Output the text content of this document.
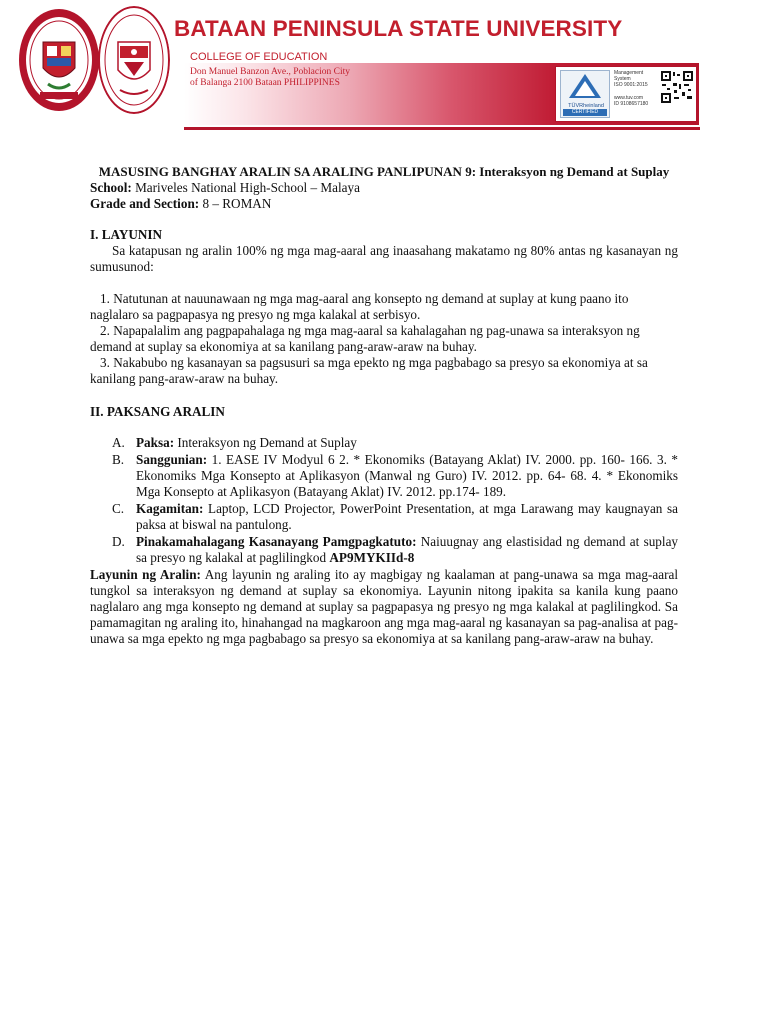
BATAAN PENINSULA STATE UNIVERSITY
COLLEGE OF EDUCATION
Don Manuel Banzon Ave., Poblacion City
of Balanga 2100 Bataan PHILIPPINES
TÜVRheinland
CERTIFIED
Management
System
ISO 9001:2015

www.tuv.com
ID 9108657180
MASUSING BANGHAY ARALIN SA ARALING PANLIPUNAN 9: Interaksyon ng Demand at Suplay
School: Mariveles National High-School – Malaya
Grade and Section: 8 – ROMAN
I. LAYUNIN
Sa katapusan ng aralin 100% ng mga mag-aaral ang inaasahang makatamo ng 80% antas ng kasanayan ng sumusunod:
1. Natutunan at nauunawaan ng mga mag-aaral ang konsepto ng demand at suplay at kung paano ito naglalaro sa pagpapasya ng presyo ng mga kalakal at serbisyo.
2. Napapalalim ang pagpapahalaga ng mga mag-aaral sa kahalagahan ng pag-unawa sa interaksyon ng demand at suplay sa ekonomiya at sa kanilang pang-araw-araw na buhay.
3. Nakabubo ng kasanayan sa pagsusuri sa mga epekto ng mga pagbabago sa presyo sa ekonomiya at sa kanilang pang-araw-araw na buhay.
II. PAKSANG ARALIN
A. Paksa: Interaksyon ng Demand at Suplay
B. Sanggunian: 1. EASE IV Modyul 6 2. * Ekonomiks (Batayang Aklat) IV. 2000. pp. 160- 166. 3. * Ekonomiks Mga Konsepto at Aplikasyon (Manwal ng Guro) IV. 2012. pp. 64- 68. 4. * Ekonomiks Mga Konsepto at Aplikasyon (Batayang Aklat) IV. 2012. pp.174- 189.
C. Kagamitan: Laptop, LCD Projector, PowerPoint Presentation, at mga Larawang may kaugnayan sa paksa at biswal na pantulong.
D. Pinakamahalagang Kasanayang Pamgpagkatuto: Naiuugnay ang elastisidad ng demand at suplay sa presyo ng kalakal at paglilingkod AP9MYKIId-8
Layunin ng Aralin: Ang layunin ng araling ito ay magbigay ng kaalaman at pang-unawa sa mga mag-aaral tungkol sa interaksyon ng demand at suplay sa ekonomiya. Layunin nitong ipakita sa kanila kung paano naglalaro ang mga konsepto ng demand at suplay sa pagpapasya ng presyo ng mga kalakal at paglilingkod. Sa pamamagitan ng araling ito, hinahangad na magkaroon ang mga mag-aaral ng kasanayan sa pag-analisa at pag-unawa sa mga epekto ng mga pagbabago sa presyo sa ekonomiya at sa kanilang pang-araw-araw na buhay.
